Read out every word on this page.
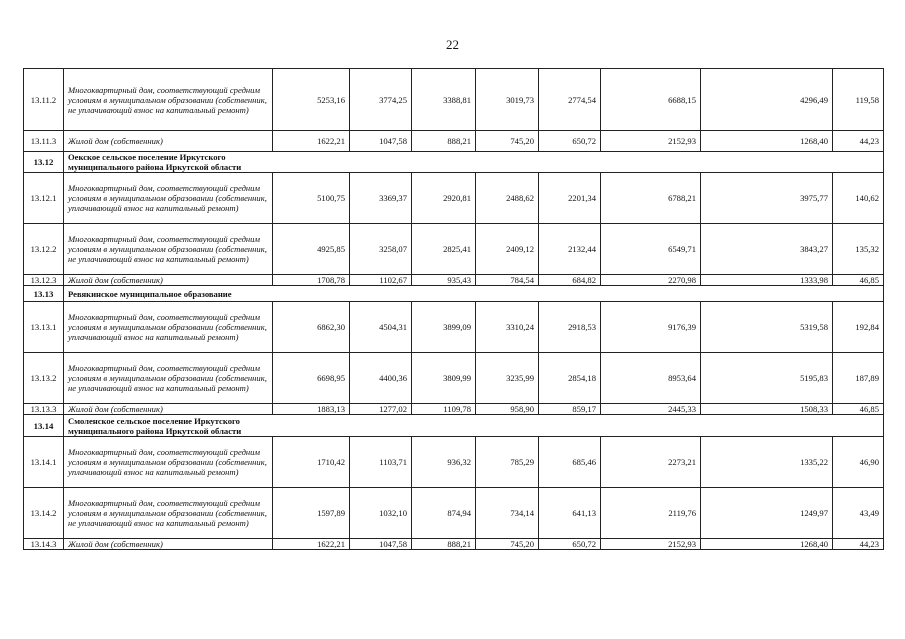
22
13.11.2	Многоквартирный дом, соответствующий средним условиям в муниципальном образовании (собственник, не уплачивающий взнос на капитальный ремонт)	5253,16	3774,25	3388,81	3019,73	2774,54	6688,15	4296,49	119,58
13.11.3	Жилой дом (собственник)	1622,21	1047,58	888,21	745,20	650,72	2152,93	1268,40	44,23
13.12	Оекское сельское поселение Иркутского муниципального района Иркутской области								

13.12.1	Многоквартирный дом, соответствующий средним условиям в муниципальном образовании (собственник, уплачивающий взнос на капитальный ремонт)	5100,75	3369,37	2920,81	2488,62	2201,34	6788,21	3975,77	140,62
13.12.2	Многоквартирный дом, соответствующий средним условиям в муниципальном образовании (собственник, не уплачивающий взнос на капитальный ремонт)	4925,85	3258,07	2825,41	2409,12	2132,44	6549,71	3843,27	135,32
13.12.3	Жилой дом (собственник)	1708,78	1102,67	935,43	784,54	684,82	2270,98	1333,98	46,85
13.13	Ревякинское муниципальное образование								
13.13.1	Многоквартирный дом, соответствующий средним условиям в муниципальном образовании (собственник, уплачивающий взнос на капитальный ремонт)	6862,30	4504,31	3899,09	3310,24	2918,53	9176,39	5319,58	192,84
13.13.2	Многоквартирный дом, соответствующий средним условиям в муниципальном образовании (собственник, не уплачивающий взнос на капитальный ремонт)	6698,95	4400,36	3809,99	3235,99	2854,18	8953,64	5195,83	187,89
13.13.3	Жилой дом (собственник)	1883,13	1277,02	1109,78	958,90	859,17	2445,33	1508,33	46,85
13.14	Смоленское сельское поселение Иркутского муниципального района Иркутской области								

13.14.1	Многоквартирный дом, соответствующий средним условиям в муниципальном образовании (собственник, уплачивающий взнос на капитальный ремонт)	1710,42	1103,71	936,32	785,29	685,46	2273,21	1335,22	46,90
13.14.2	Многоквартирный дом, соответствующий средним условиям в муниципальном образовании (собственник, не уплачивающий взнос на капитальный ремонт)	1597,89	1032,10	874,94	734,14	641,13	2119,76	1249,97	43,49
13.14.3	Жилой дом (собственник)	1622,21	1047,58	888,21	745,20	650,72	2152,93	1268,40	44,23
